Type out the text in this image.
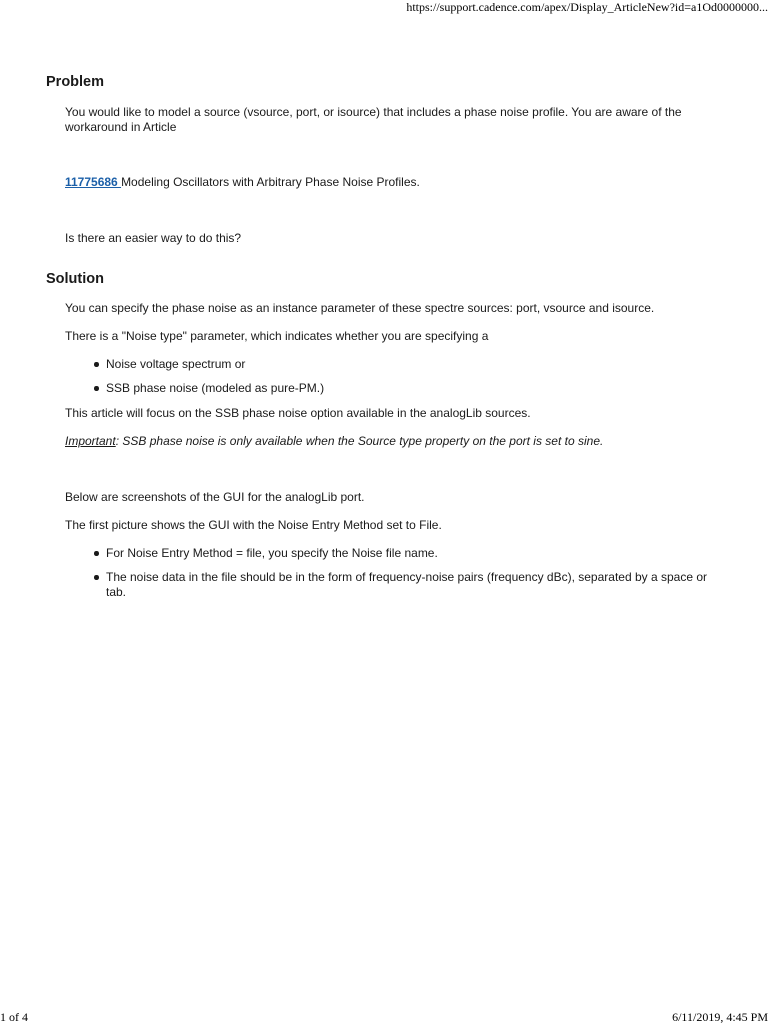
https://support.cadence.com/apex/Display_ArticleNew?id=a1Od0000000...
Problem

You would like to model a source (vsource, port, or isource) that includes a phase noise profile. You are aware of the workaround in Article

11775686 Modeling Oscillators with Arbitrary Phase Noise Profiles.

Is there an easier way to do this?

Solution

You can specify the phase noise as an instance parameter of these spectre sources: port, vsource and isource.

There is a "Noise type" parameter, which indicates whether you are specifying a

Noise voltage spectrum or
SSB phase noise (modeled as pure-PM.)

This article will focus on the SSB phase noise option available in the analogLib sources.

Important: SSB phase noise is only available when the Source type property on the port is set to sine.

Below are screenshots of the GUI for the analogLib port.

The first picture shows the GUI with the Noise Entry Method set to File.

For Noise Entry Method = file, you specify the Noise file name.
The noise data in the file should be in the form of frequency-noise pairs (frequency dBc), separated by a space or tab.
1 of 4	6/11/2019, 4:45 PM
